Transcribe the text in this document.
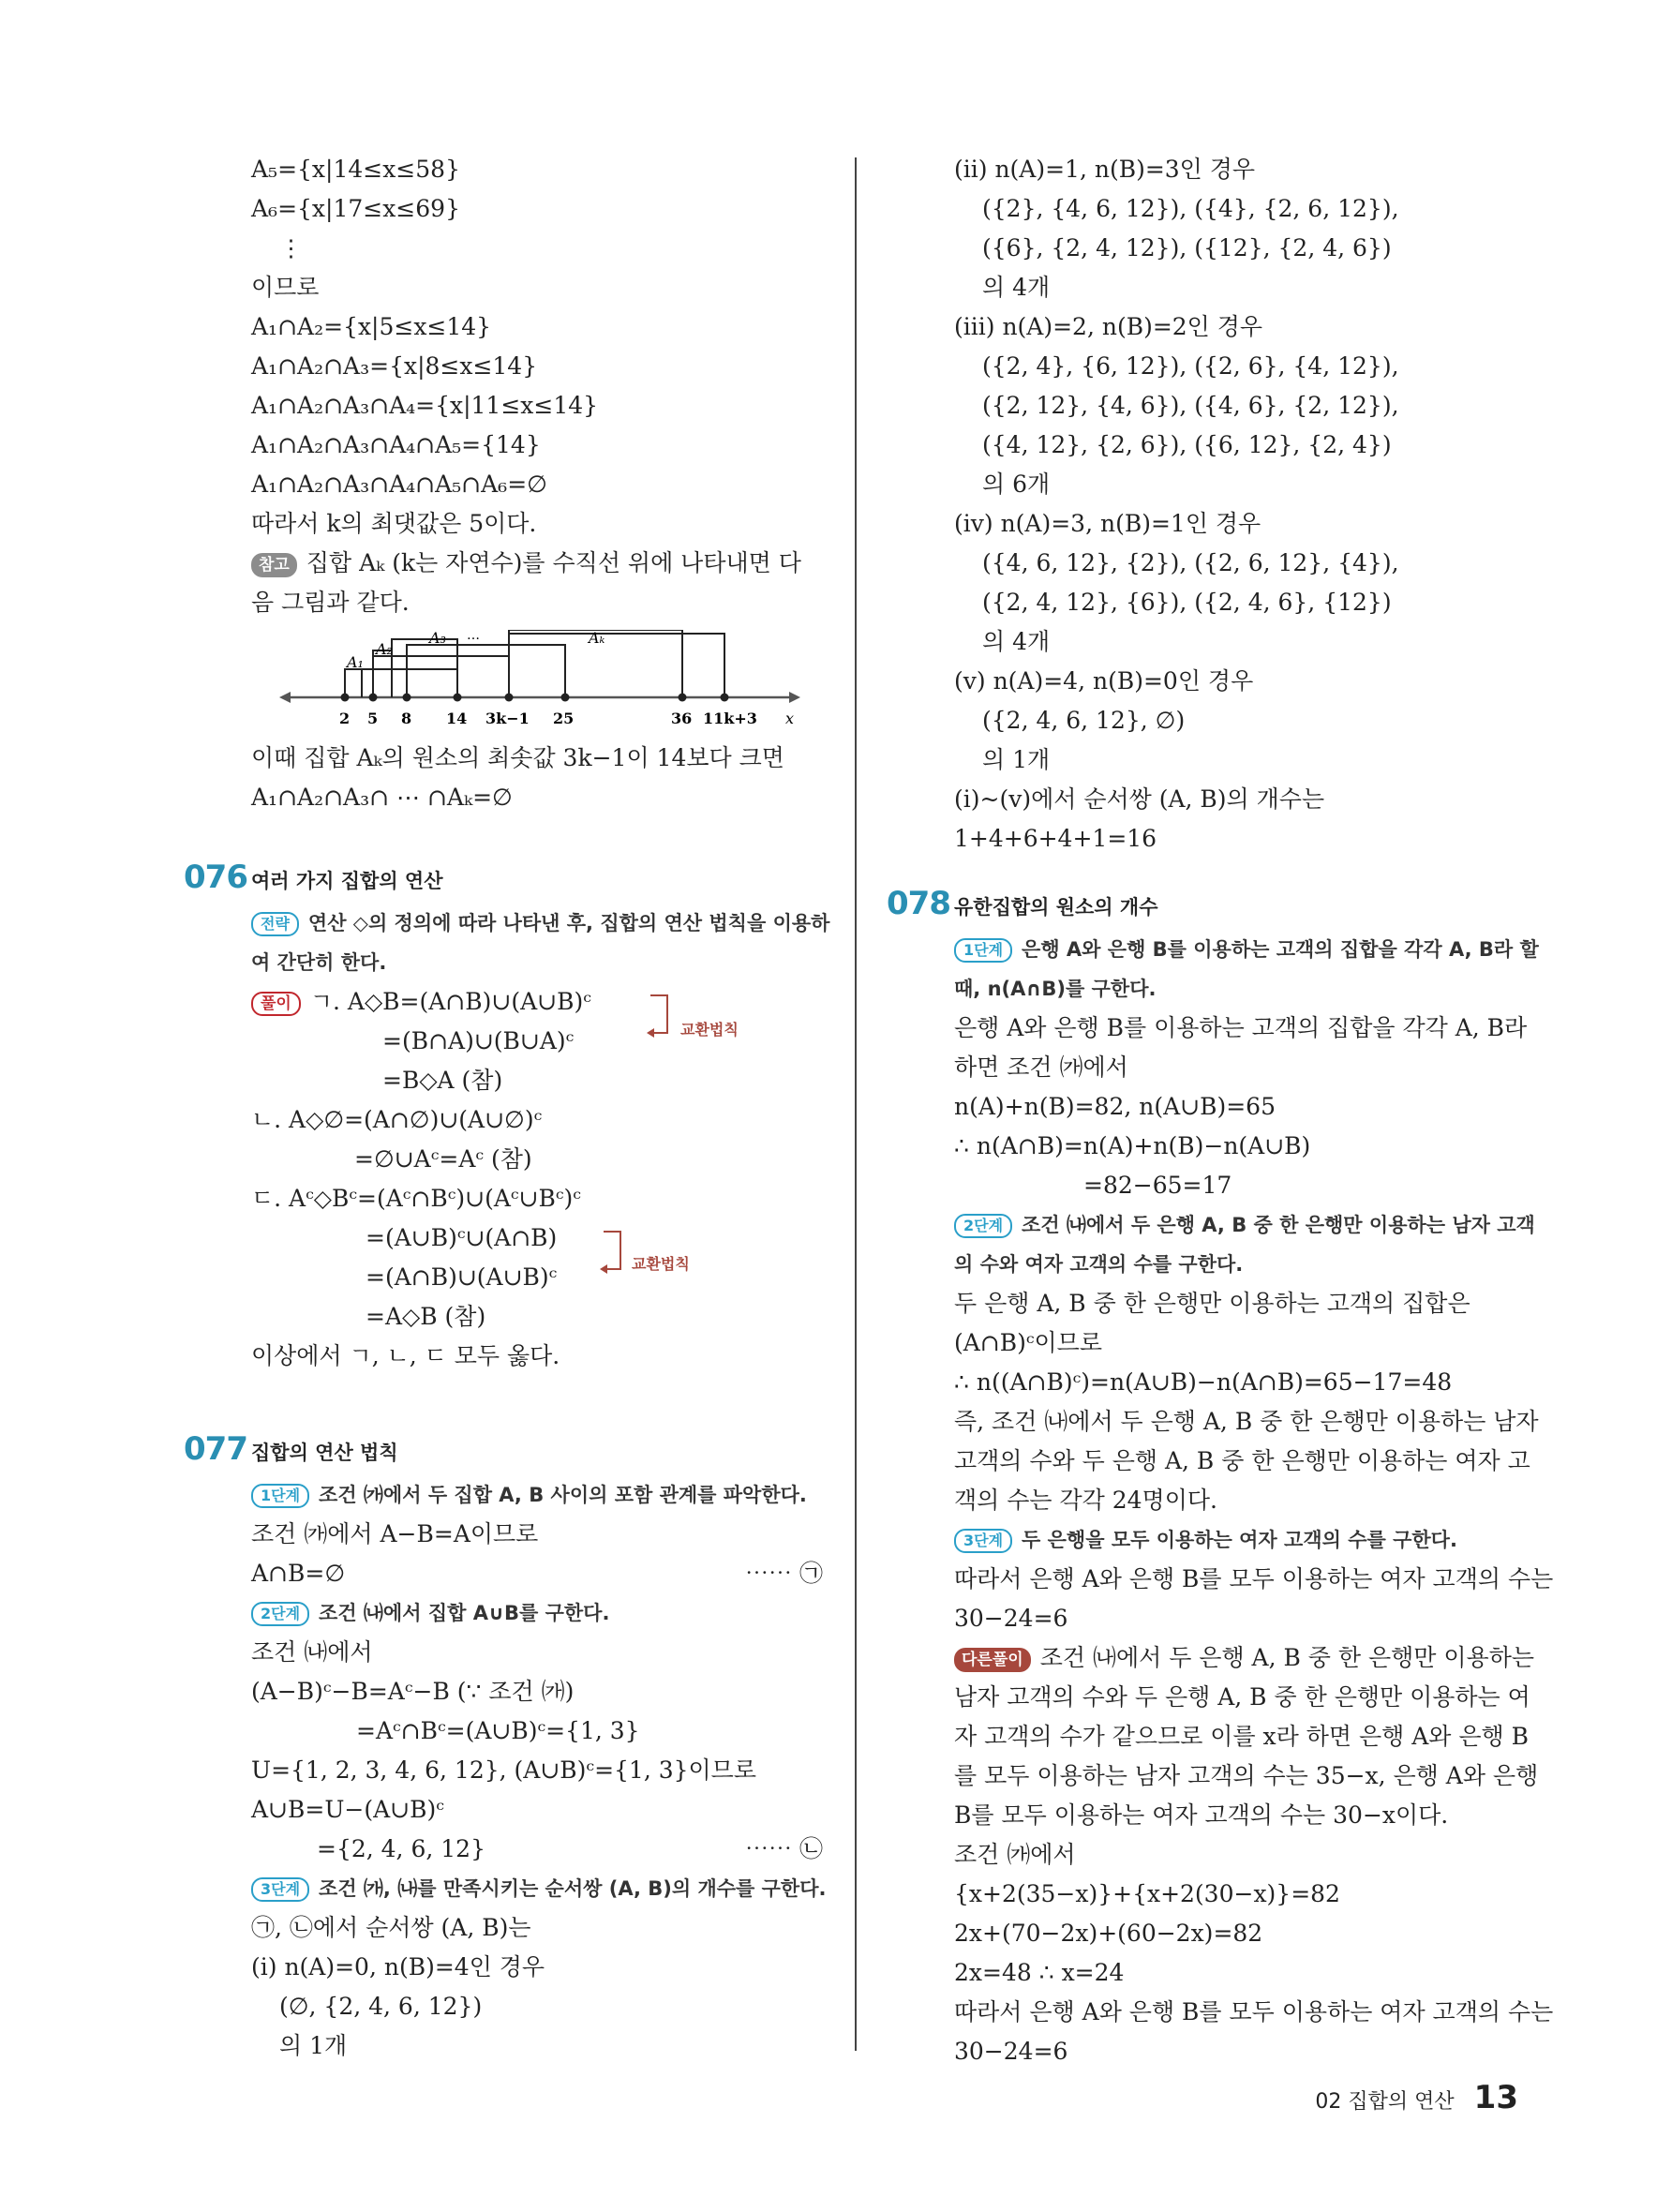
A₅={x|14≤x≤58}
A₆={x|17≤x≤69}
⋮
이므로
A₁∩A₂={x|5≤x≤14}
A₁∩A₂∩A₃={x|8≤x≤14}
A₁∩A₂∩A₃∩A₄={x|11≤x≤14}
A₁∩A₂∩A₃∩A₄∩A₅={14}
A₁∩A₂∩A₃∩A₄∩A₅∩A₆=∅
따라서 k의 최댓값은 5이다.
참고 집합 Aₖ (k는 자연수)를 수직선 위에 나타내면 다
음 그림과 같다.
A₁
A₂
A₃ …	Aₖ
2 5 8 14 3k−1 25	36 11k+3 x
이때 집합 Aₖ의 원소의 최솟값 3k−1이 14보다 크면
A₁∩A₂∩A₃∩ ⋯ ∩Aₖ=∅
076 여러 가지 집합의 연산
전략 연산 ◇의 정의에 따라 나타낸 후, 집합의 연산 법칙을 이용하
여 간단히 한다.
풀이 ㄱ. A◇B=(A∩B)∪(A∪B)ᶜ
=(B∩A)∪(B∪A)ᶜ	교환법칙
=B◇A (참)
ㄴ. A◇∅=(A∩∅)∪(A∪∅)ᶜ
=∅∪Aᶜ=Aᶜ (참)
ㄷ. Aᶜ◇Bᶜ=(Aᶜ∩Bᶜ)∪(Aᶜ∪Bᶜ)ᶜ
=(A∪B)ᶜ∪(A∩B)
=(A∩B)∪(A∪B)ᶜ	교환법칙
=A◇B (참)
이상에서 ㄱ, ㄴ, ㄷ 모두 옳다.
077 집합의 연산 법칙
1단계 조건 ㈎에서 두 집합 A, B 사이의 포함 관계를 파악한다.
조건 ㈎에서 A−B=A이므로
A∩B=∅	⋯⋯ ㉠
2단계 조건 ㈏에서 집합 A∪B를 구한다.
조건 ㈏에서
(A−B)ᶜ−B=Aᶜ−B (∵ 조건 ㈎)
=Aᶜ∩Bᶜ=(A∪B)ᶜ={1, 3}
U={1, 2, 3, 4, 6, 12}, (A∪B)ᶜ={1, 3}이므로
A∪B=U−(A∪B)ᶜ
={2, 4, 6, 12}	⋯⋯ ㉡
3단계 조건 ㈎, ㈏를 만족시키는 순서쌍 (A, B)의 개수를 구한다.
㉠, ㉡에서 순서쌍 (A, B)는
(ⅰ) n(A)=0, n(B)=4인 경우
(∅, {2, 4, 6, 12})
의 1개
(ⅱ) n(A)=1, n(B)=3인 경우
({2}, {4, 6, 12}), ({4}, {2, 6, 12}),
({6}, {2, 4, 12}), ({12}, {2, 4, 6})
의 4개
(ⅲ) n(A)=2, n(B)=2인 경우
({2, 4}, {6, 12}), ({2, 6}, {4, 12}),
({2, 12}, {4, 6}), ({4, 6}, {2, 12}),
({4, 12}, {2, 6}), ({6, 12}, {2, 4})
의 6개
(ⅳ) n(A)=3, n(B)=1인 경우
({4, 6, 12}, {2}), ({2, 6, 12}, {4}),
({2, 4, 12}, {6}), ({2, 4, 6}, {12})
의 4개
(ⅴ) n(A)=4, n(B)=0인 경우
({2, 4, 6, 12}, ∅)
의 1개
(ⅰ)~(ⅴ)에서 순서쌍 (A, B)의 개수는
1+4+6+4+1=16
078 유한집합의 원소의 개수
1단계 은행 A와 은행 B를 이용하는 고객의 집합을 각각 A, B라 할
때, n(A∩B)를 구한다.
은행 A와 은행 B를 이용하는 고객의 집합을 각각 A, B라
하면 조건 ㈎에서
n(A)+n(B)=82, n(A∪B)=65
∴ n(A∩B)=n(A)+n(B)−n(A∪B)
=82−65=17
2단계 조건 ㈏에서 두 은행 A, B 중 한 은행만 이용하는 남자 고객
의 수와 여자 고객의 수를 구한다.
두 은행 A, B 중 한 은행만 이용하는 고객의 집합은
(A∩B)ᶜ이므로
∴ n((A∩B)ᶜ)=n(A∪B)−n(A∩B)=65−17=48
즉, 조건 ㈏에서 두 은행 A, B 중 한 은행만 이용하는 남자
고객의 수와 두 은행 A, B 중 한 은행만 이용하는 여자 고
객의 수는 각각 24명이다.
3단계 두 은행을 모두 이용하는 여자 고객의 수를 구한다.
따라서 은행 A와 은행 B를 모두 이용하는 여자 고객의 수는
30−24=6
다른풀이 조건 ㈏에서 두 은행 A, B 중 한 은행만 이용하는
남자 고객의 수와 두 은행 A, B 중 한 은행만 이용하는 여
자 고객의 수가 같으므로 이를 x라 하면 은행 A와 은행 B
를 모두 이용하는 남자 고객의 수는 35−x, 은행 A와 은행
B를 모두 이용하는 여자 고객의 수는 30−x이다.
조건 ㈎에서
{x+2(35−x)}+{x+2(30−x)}=82
2x+(70−2x)+(60−2x)=82
2x=48 ∴ x=24
따라서 은행 A와 은행 B를 모두 이용하는 여자 고객의 수는
30−24=6
02 집합의 연산 13
